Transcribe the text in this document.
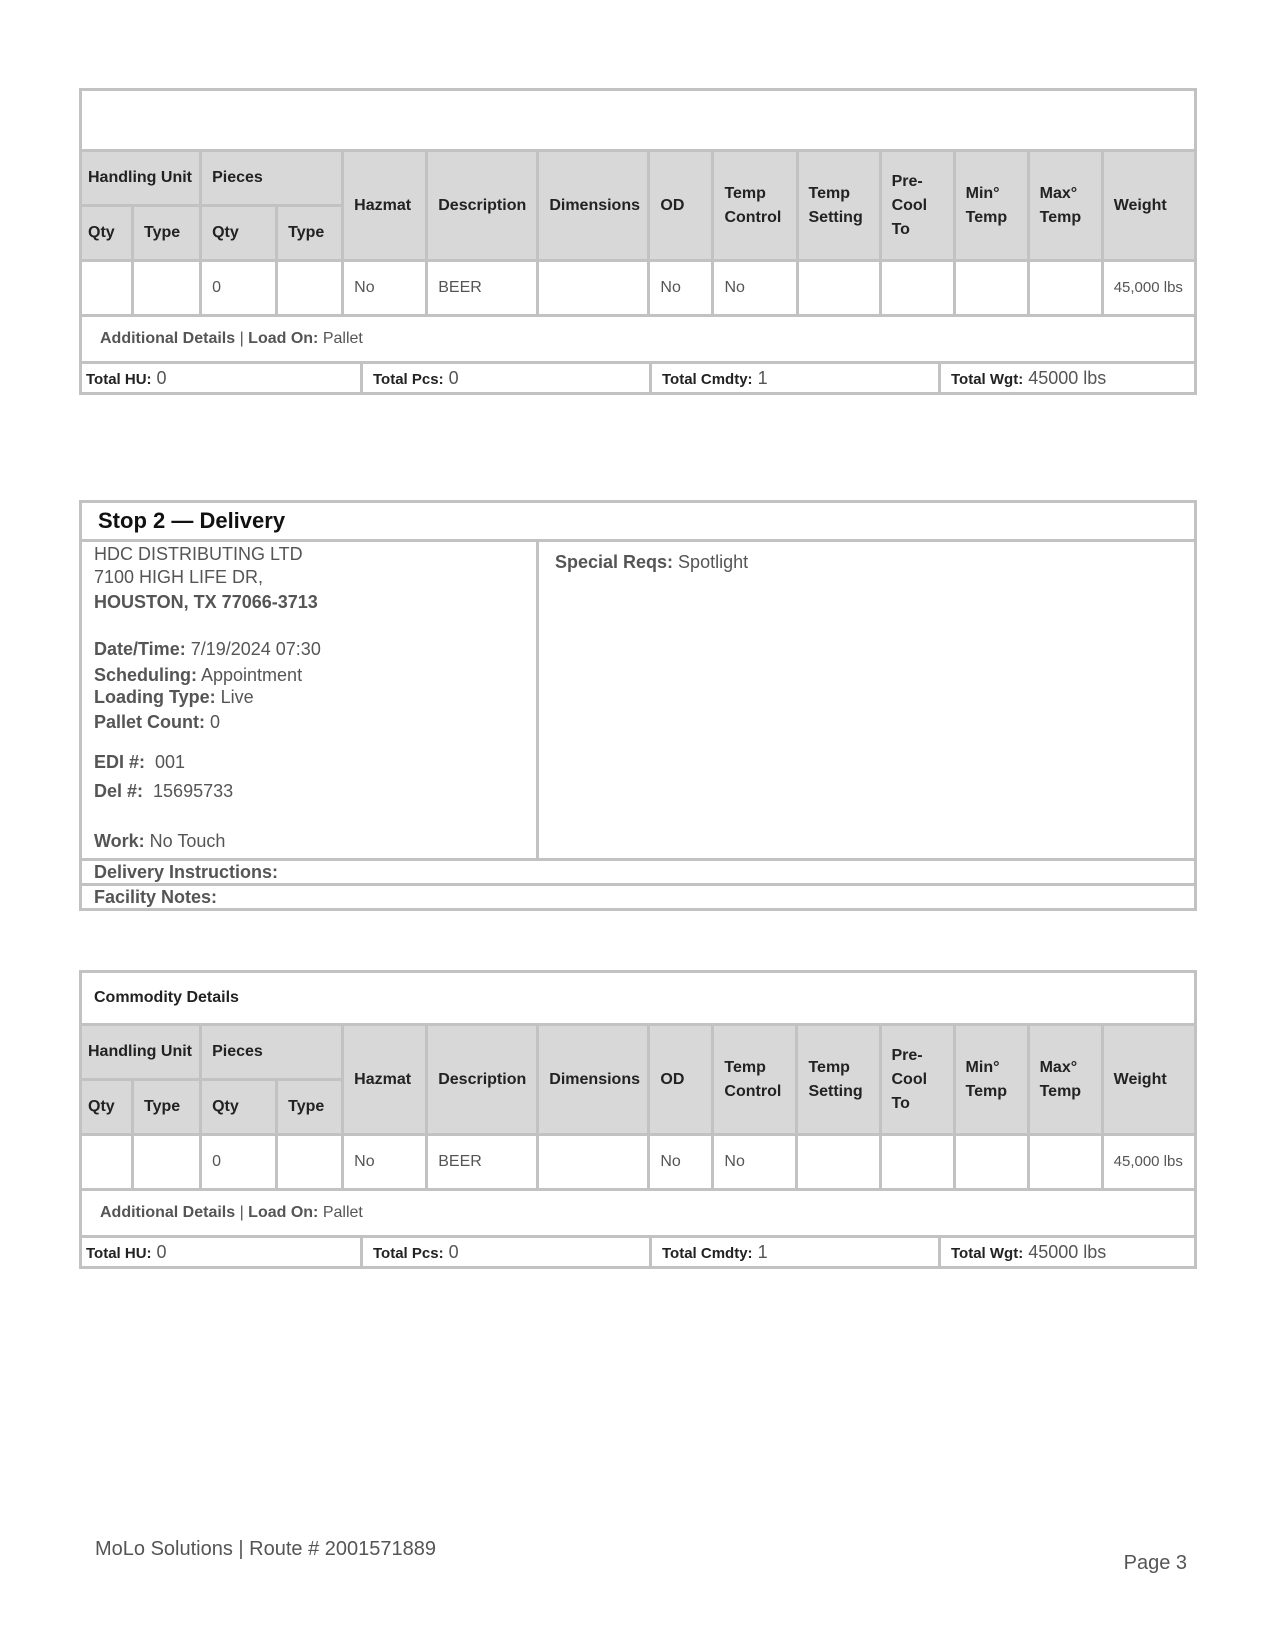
Handling Unit		Pieces		Hazmat	Description	Dimensions	OD	Temp Control	Temp Setting	Pre-Cool To	Min° Temp	Max° Temp	Weight
Qty	Type	Qty	Type										
		0		No	BEER		No	No					45,000 lbs
Additional Details | Load On: Pallet													
Total HU: 0	Total Pcs: 0	Total Cmdty: 1	Total Wgt: 45000 lbs
Stop 2 — Delivery
HDC DISTRIBUTING LTD
7100 HIGH LIFE DR,
HOUSTON, TX 77066-3713
Date/Time: 7/19/2024 07:30
Scheduling: Appointment
Loading Type: Live
Pallet Count: 0
EDI #:  001
Del #:  15695733
Work: No Touch
Special Reqs: Spotlight
Delivery Instructions:
Facility Notes:
Commodity Details													
Handling Unit		Pieces		Hazmat	Description	Dimensions	OD	Temp Control	Temp Setting	Pre-Cool To	Min° Temp	Max° Temp	Weight
Qty	Type	Qty	Type										
		0		No	BEER		No	No					45,000 lbs
Additional Details | Load On: Pallet													
Total HU: 0	Total Pcs: 0	Total Cmdty: 1	Total Wgt: 45000 lbs
MoLo Solutions | Route # 2001571889
Page 3
